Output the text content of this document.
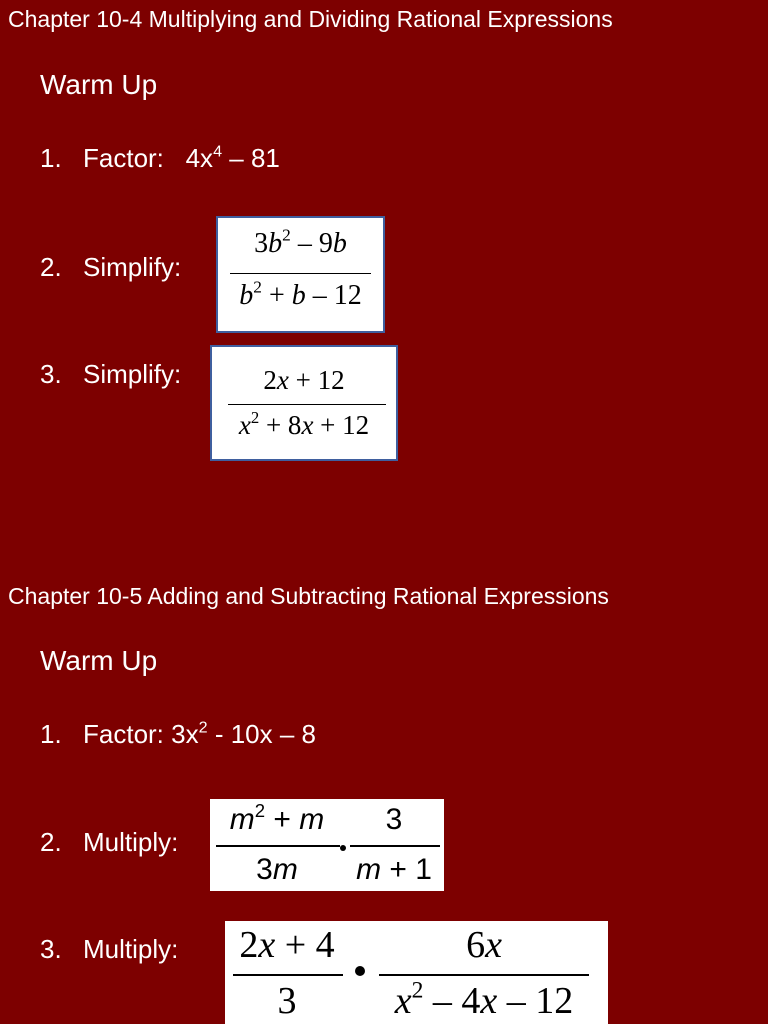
Chapter 10-4 Multiplying and Dividing Rational Expressions
Warm Up
1. Factor: $4x^4 - 81$
2. Simplify:
$3b^2 - 9b$
$b^2 + b - 12$
3. Simplify:	2x + 12
$x^2 + 8x + 12$
Chapter 10-5 Adding and Subtracting Rational Expressions
Warm Up
1. Factor: $3x^2 - 10x - 8$
2. Multiply:
$m^2 + m$
3m
3
m + 1
3. Multiply: 2x + 4
3
6x
$x^2 - 4x - 12$
